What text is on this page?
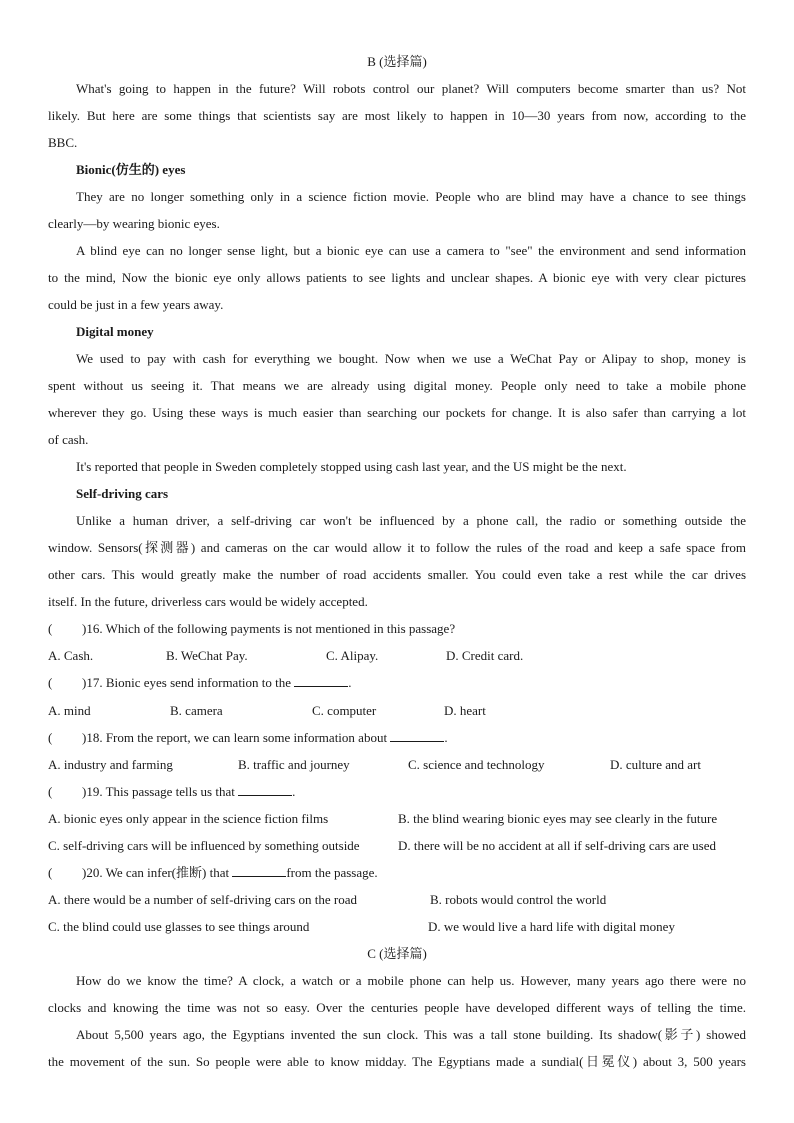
B (选择篇)
What's going to happen in the future? Will robots control our planet? Will computers become smarter than us? Not
likely. But here are some things that scientists say are most likely to happen in 10—30 years from now, according to the
BBC.
Bionic(仿生的) eyes
They are no longer something only in a science fiction movie. People who are blind may have a chance to see things
clearly—by wearing bionic eyes.
A blind eye can no longer sense light, but a bionic eye can use a camera to "see" the environment and send information
to the mind, Now the bionic eye only allows patients to see lights and unclear shapes. A bionic eye with very clear pictures
could be just in a few years away.
Digital money
We used to pay with cash for everything we bought. Now when we use a WeChat Pay or Alipay to shop, money is
spent without us seeing it. That means we are already using digital money. People only need to take a mobile phone
wherever they go. Using these ways is much easier than searching our pockets for change. It is also safer than carrying a lot
of cash.
It's reported that people in Sweden completely stopped using cash last year, and the US might be the next.
Self-driving cars
Unlike a human driver, a self-driving car won't be influenced by a phone call, the radio or something outside the
window. Sensors(探测器) and cameras on the car would allow it to follow the rules of the road and keep a safe space from
other cars. This would greatly make the number of road accidents smaller. You could even take a rest while the car drives
itself. In the future, driverless cars would be widely accepted.
( )16. Which of the following payments is not mentioned in this passage?
A. Cash.	B. WeChat Pay.	C. Alipay.	D. Credit card.
( )17. Bionic eyes send information to the	.
A. mind	B. camera	C. computer	D. heart
( )18. From the report, we can learn some information about	.
A. industry and farming	B. traffic and journey	C. science and technology	D. culture and art
( )19. This passage tells us that	.
A. bionic eyes only appear in the science fiction films	B. the blind wearing bionic eyes may see clearly in the future
C. self-driving cars will be influenced by something outside	D. there will be no accident at all if self-driving cars are used
( )20. We can infer(推断) that	from the passage.
A. there would be a number of self-driving cars on the road	B. robots would control the world
C. the blind could use glasses to see things around	D. we would live a hard life with digital money
C (选择篇)
How do we know the time? A clock, a watch or a mobile phone can help us. However, many years ago there were no
clocks and knowing the time was not so easy. Over the centuries people have developed different ways of telling the time.
About 5,500 years ago, the Egyptians invented the sun clock. This was a tall stone building. Its shadow(影子) showed
the movement of the sun. So people were able to know midday. The Egyptians made a sundial(日冕仪) about 3, 500 years
